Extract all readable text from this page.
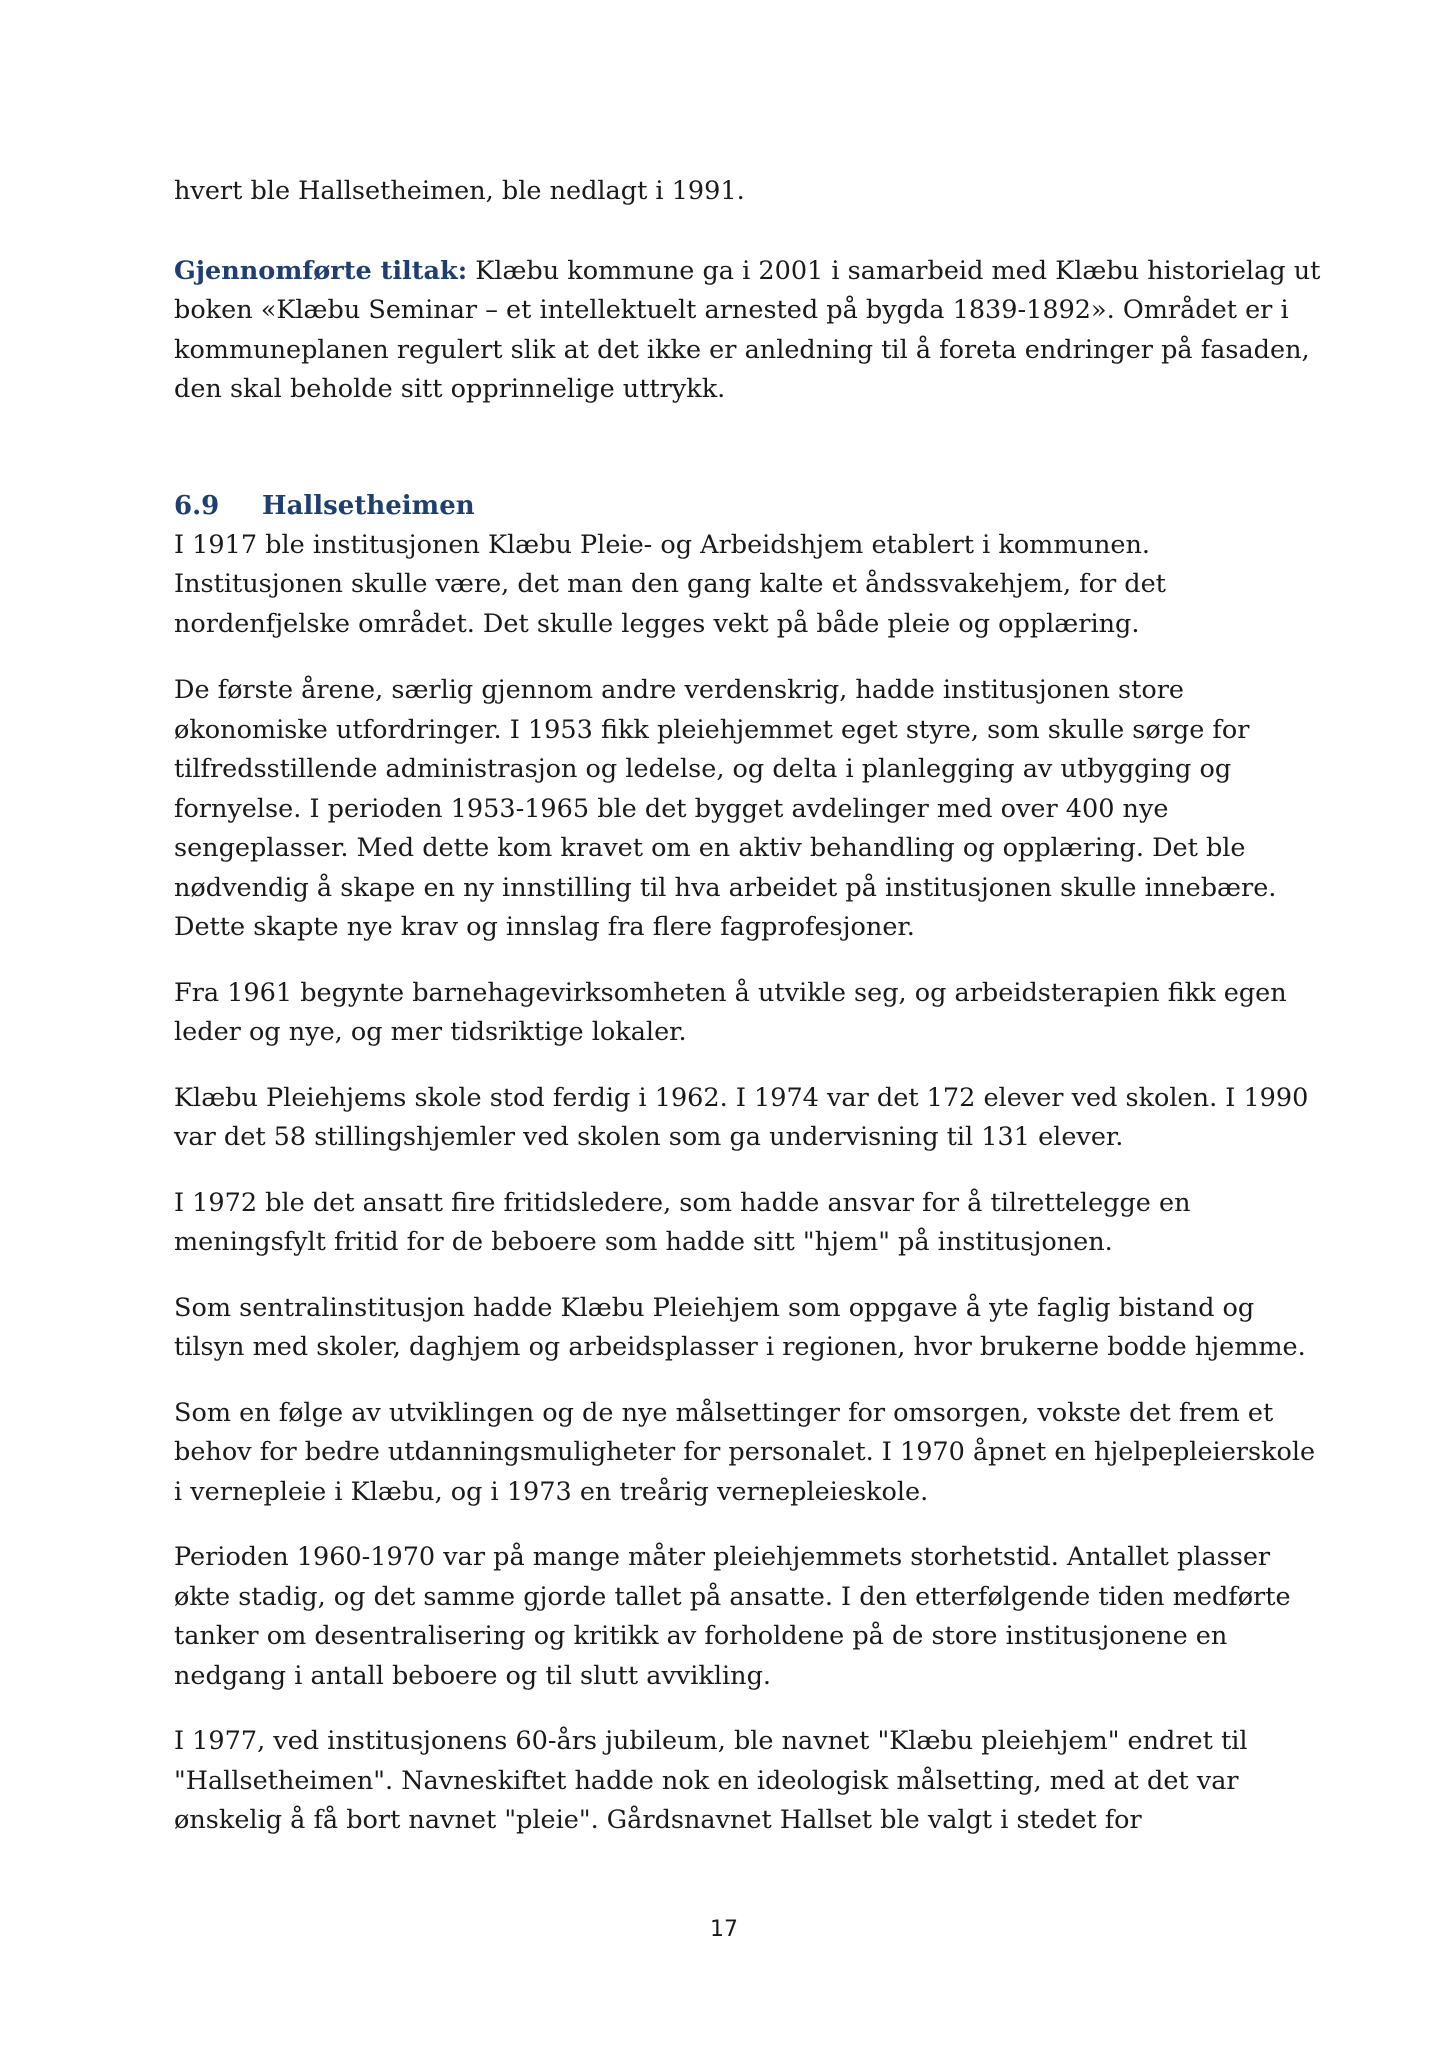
hvert ble Hallsetheimen, ble nedlagt i 1991.

Gjennomførte tiltak: Klæbu kommune ga i 2001 i samarbeid med Klæbu historielag ut
boken «Klæbu Seminar – et intellektuelt arnested på bygda 1839-1892». Området er i
kommuneplanen regulert slik at det ikke er anledning til å foreta endringer på fasaden,
den skal beholde sitt opprinnelige uttrykk.

6.9 Hallsetheimen

I 1917 ble institusjonen Klæbu Pleie- og Arbeidshjem etablert i kommunen.
Institusjonen skulle være, det man den gang kalte et åndssvakehjem, for det
nordenfjelske området. Det skulle legges vekt på både pleie og opplæring.

De første årene, særlig gjennom andre verdenskrig, hadde institusjonen store
økonomiske utfordringer. I 1953 fikk pleiehjemmet eget styre, som skulle sørge for
tilfredsstillende administrasjon og ledelse, og delta i planlegging av utbygging og
fornyelse. I perioden 1953-1965 ble det bygget avdelinger med over 400 nye
sengeplasser. Med dette kom kravet om en aktiv behandling og opplæring. Det ble
nødvendig å skape en ny innstilling til hva arbeidet på institusjonen skulle innebære.
Dette skapte nye krav og innslag fra flere fagprofesjoner.

Fra 1961 begynte barnehagevirksomheten å utvikle seg, og arbeidsterapien fikk egen
leder og nye, og mer tidsriktige lokaler.

Klæbu Pleiehjems skole stod ferdig i 1962. I 1974 var det 172 elever ved skolen. I 1990
var det 58 stillingshjemler ved skolen som ga undervisning til 131 elever.

I 1972 ble det ansatt fire fritidsledere, som hadde ansvar for å tilrettelegge en
meningsfylt fritid for de beboere som hadde sitt "hjem" på institusjonen.

Som sentralinstitusjon hadde Klæbu Pleiehjem som oppgave å yte faglig bistand og
tilsyn med skoler, daghjem og arbeidsplasser i regionen, hvor brukerne bodde hjemme.

Som en følge av utviklingen og de nye målsettinger for omsorgen, vokste det frem et
behov for bedre utdanningsmuligheter for personalet. I 1970 åpnet en hjelpepleierskole
i vernepleie i Klæbu, og i 1973 en treårig vernepleieskole.

Perioden 1960-1970 var på mange måter pleiehjemmets storhetstid. Antallet plasser
økte stadig, og det samme gjorde tallet på ansatte. I den etterfølgende tiden medførte
tanker om desentralisering og kritikk av forholdene på de store institusjonene en
nedgang i antall beboere og til slutt avvikling.

I 1977, ved institusjonens 60-års jubileum, ble navnet "Klæbu pleiehjem" endret til
"Hallsetheimen". Navneskiftet hadde nok en ideologisk målsetting, med at det var
ønskelig å få bort navnet "pleie". Gårdsnavnet Hallset ble valgt i stedet for

17
